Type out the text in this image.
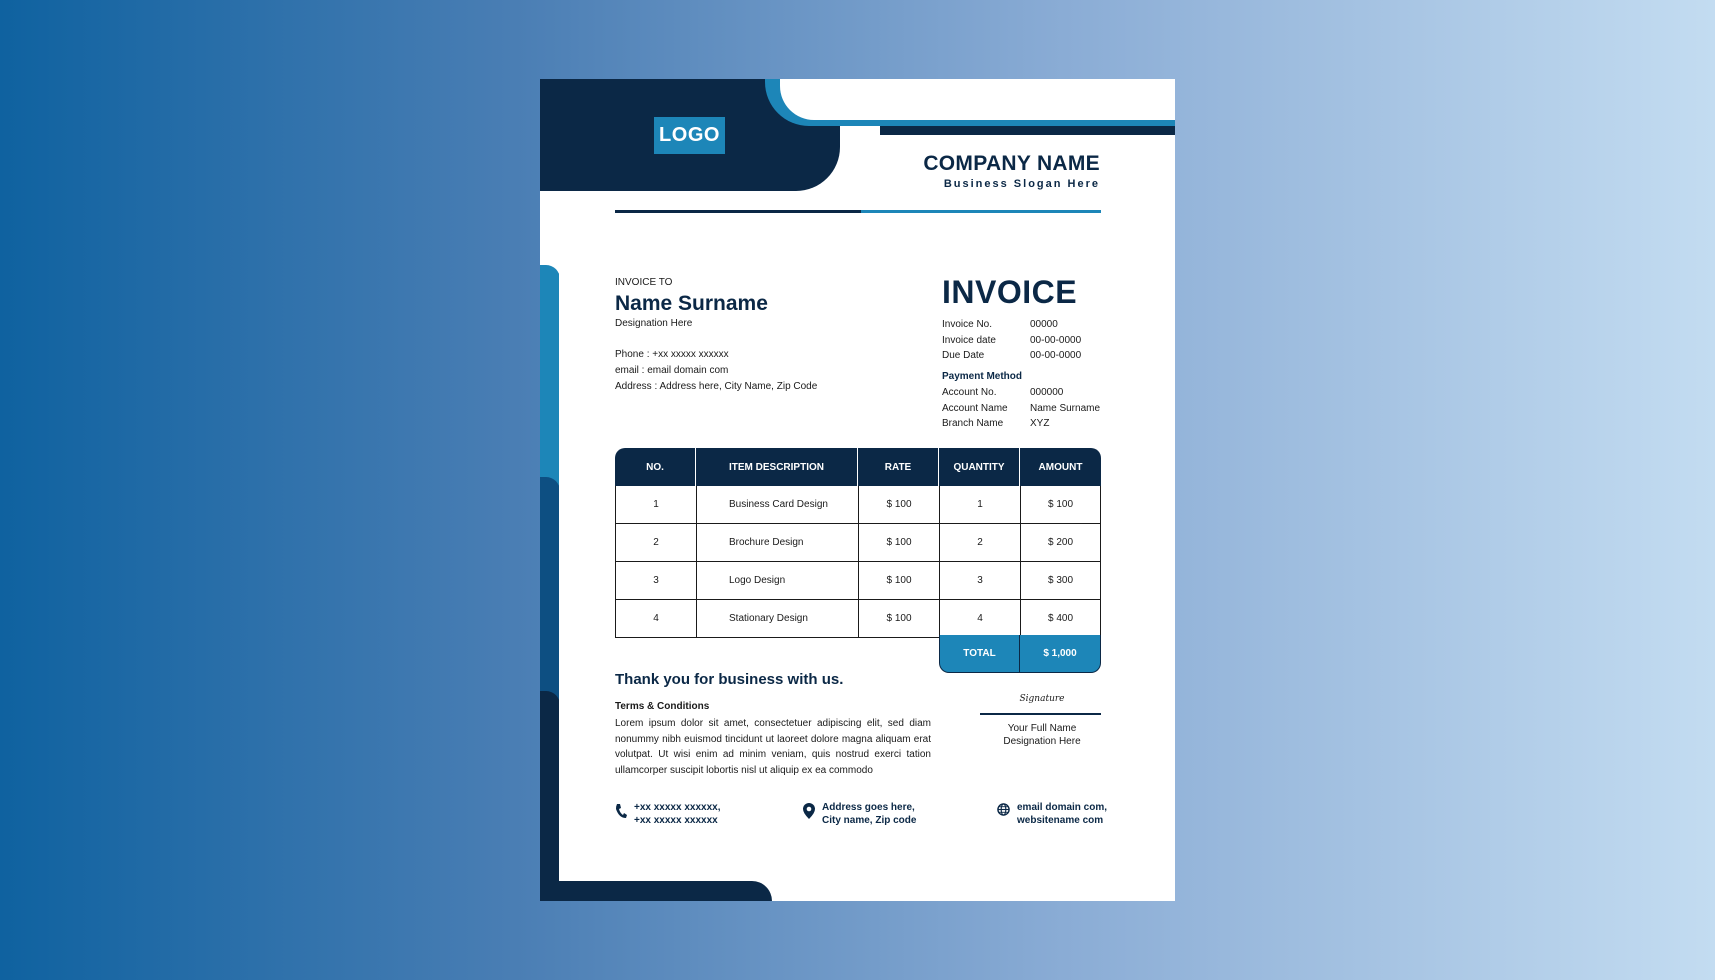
LOGO
COMPANY NAME
Business Slogan Here
INVOICE TO
Name Surname
Designation Here
Phone : +xx xxxxx xxxxxx
email : email domain com
Address : Address here, City Name, Zip Code
INVOICE
Invoice No.	00000
Invoice date	00-00-0000
Due Date	00-00-0000
Payment Method
Account No.	000000
Account Name	Name Surname
Branch Name	XYZ
NO.	ITEM DESCRIPTION	RATE	QUANTITY	AMOUNT
1	Business Card Design	$ 100	1	$ 100
2	Brochure Design	$ 100	2	$ 200
3	Logo Design	$ 100	3	$ 300
4	Stationary Design	$ 100	4	$ 400
TOTAL	$ 1,000
Thank you for business with us.
Terms & Conditions
Lorem ipsum dolor sit amet, consectetuer adipiscing elit, sed diam nonummy nibh euismod tincidunt ut laoreet dolore magna aliquam erat volutpat. Ut wisi enim ad minim veniam, quis nostrud exerci tation ullamcorper suscipit lobortis nisl ut aliquip ex ea commodo
Signature
Your Full Name
Designation Here
+xx xxxxx xxxxxx,
+xx xxxxx xxxxxx
Address goes here,
City name, Zip code
email domain com,
websitename com
